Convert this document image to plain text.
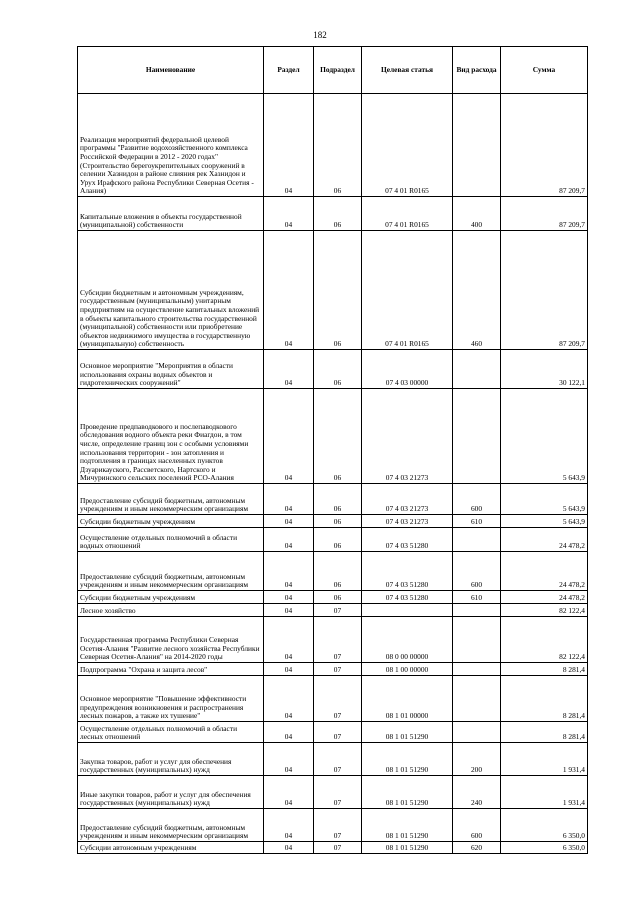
182
Наименование	Раздел	Подраздел	Целевая статья	Вид расхода	Сумма
Реализация мероприятий федеральной целевой программы "Развитие водохозяйственного комплекса Российской Федерации в 2012 - 2020 годах" (Строительство берегоукрепительных сооружений в селении Хазнидон в районе слияния рек Хазнидон и Урух Ирафского района Республики Северная Осетия - Алания)	04	06	07 4 01 R0165		87 209,7
Капитальные вложения в объекты государственной (муниципальной) собственности	04	06	07 4 01 R0165	400	87 209,7
Субсидии бюджетным и автономным учреждениям, государственным (муниципальным) унитарным предприятиям на осуществление капитальных вложений в объекты капитального строительства государственной (муниципальной) собственности или приобретение объектов недвижимого имущества в государственную (муниципальную) собственность	04	06	07 4 01 R0165	460	87 209,7
Основное мероприятие "Мероприятия в области использования охраны водных объектов и гидротехнических сооружений"	04	06	07 4 03 00000		30 122,1
Проведение предпаводкового и послепаводкового обследования водного объекта реки Фиагдон, в том числе, определение границ зон с особыми условиями использования территории - зон затопления и подтопления в границах населенных пунктов Дзуарикауского, Рассветского, Нартского и Мичуринского сельских поселений РСО-Алания	04	06	07 4 03 21273		5 643,9
Предоставление субсидий бюджетным, автономным учреждениям и иным некоммерческим организациям	04	06	07 4 03 21273	600	5 643,9
Субсидии бюджетным учреждениям	04	06	07 4 03 21273	610	5 643,9
Осуществление отдельных полномочий в области водных отношений	04	06	07 4 03 51280		24 478,2
Предоставление субсидий бюджетным, автономным учреждениям и иным некоммерческим организациям	04	06	07 4 03 51280	600	24 478,2
Субсидии бюджетным учреждениям	04	06	07 4 03 51280	610	24 478,2
Лесное хозяйство	04	07			82 122,4
Государственная программа Республики Северная Осетия-Алания "Развитие лесного хозяйства Республики Северная Осетия-Алания" на 2014-2020 годы	04	07	08 0 00 00000		82 122,4
Подпрограмма "Охрана и защита лесов"	04	07	08 1 00 00000		8 281,4
Основное мероприятие "Повышение эффективности предупреждения возникновения и распространения лесных пожаров, а также их тушение"	04	07	08 1 01 00000		8 281,4
Осуществление отдельных полномочий в области лесных отношений	04	07	08 1 01 51290		8 281,4
Закупка товаров, работ и услуг для обеспечения государственных (муниципальных) нужд	04	07	08 1 01 51290	200	1 931,4
Иные закупки товаров, работ и услуг для обеспечения государственных (муниципальных) нужд	04	07	08 1 01 51290	240	1 931,4
Предоставление субсидий бюджетным, автономным учреждениям и иным некоммерческим организациям	04	07	08 1 01 51290	600	6 350,0
Субсидии автономным учреждениям	04	07	08 1 01 51290	620	6 350,0
